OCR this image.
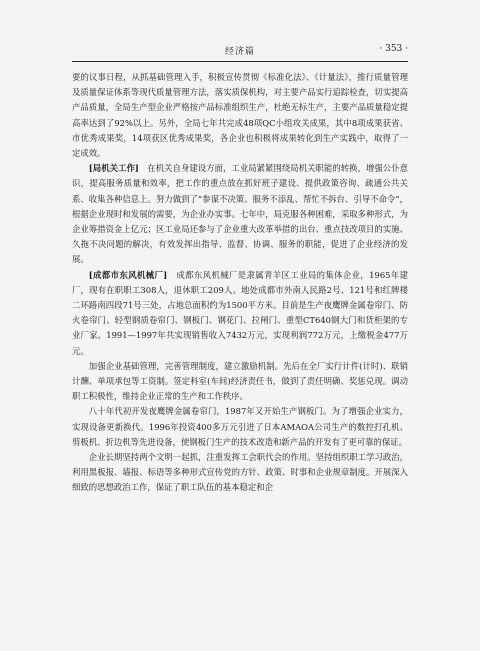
经济篇	· 353 ·

要的议事日程，从抓基础管理入手，积极宣传贯彻《标准化法》、《计量法》，推行质量管理及质量保证体系等现代质量管理方法，落实质保机构，对主要产品实行追踪检查，切实提高产品质量，全局生产型企业严格按产品标准组织生产，杜绝无标生产，主要产品质量稳定提高率达到了92%以上。另外，全局七年共完成48项QC小组攻关成果，其中8项成果获省、市优秀成果奖，14项获区优秀成果奖，各企业也积极将成果转化到生产实践中，取得了一定成效。

[ 局机关工作 ]　 在机关自身建设方面，工业局紧紧围绕局机关职能的转换，增强公仆意识，提高服务质量和效率，把工作的重点放在抓好班子建设、提供政策咨询、疏通公共关系、收集各种信息上。努力做到了“参谋不决策、服务不添乱、帮忙不拆台、引导不命令”，根据企业现时和发展的需要，为企业办实事。七年中，局克服各种困难，采取多种形式，为企业筹措资金上亿元；区工业局还参与了企业重大改革举措的出台、重点技改项目的实施、久拖不决问题的解决，有效发挥出指导、监督、协调、服务的职能，促进了企业经济的发展。

[ 成都市东风机械厂 ]　 成都东风机械厂是隶属青羊区工业局的集体企业，1965年建厂，现有在职职工308人，退休职工209人。地处成都市外南人民路2号、121号和红牌楼二环路南四段71号三处，占地总面积约为1500平方米。目前是生产夜鹰牌金属卷帘门、防火卷帘门、轻型钢质卷帘门、钢板门、钢花门、拉闸门、重型CT640钢大门和货柜架的专业厂家。1991—1997年共实现销售收入7432万元，实现利润772万元，上缴税金477万元。

加强企业基础管理，完善管理制度，建立激励机制。先后在全厂实行计件(计时)、联销计酬、单项承包等工资制。签定科室(车间)经济责任书，做到了责任明确、奖惩兑现。调动职工积极性，维持企业正常的生产和工作秩序。

八十年代初开发夜鹰牌金属卷帘门，1987年又开始生产钢板门。为了增强企业实力，实现设备更新换代。1996年投资400多万元引进了日本AMAOA公司生产的数控打孔机、剪板机、折边机等先进设备，使钢板门生产的技术改造和新产品的开发有了更可靠的保证。

企业长期坚持两个文明一起抓，注重发挥工会职代会的作用。坚持组织职工学习政治，利用黑板报、墙报、标语等多种形式宣传党的方针、政策、时事和企业规章制度。开展深入细致的思想政治工作，保证了职工队伍的基本稳定和企
